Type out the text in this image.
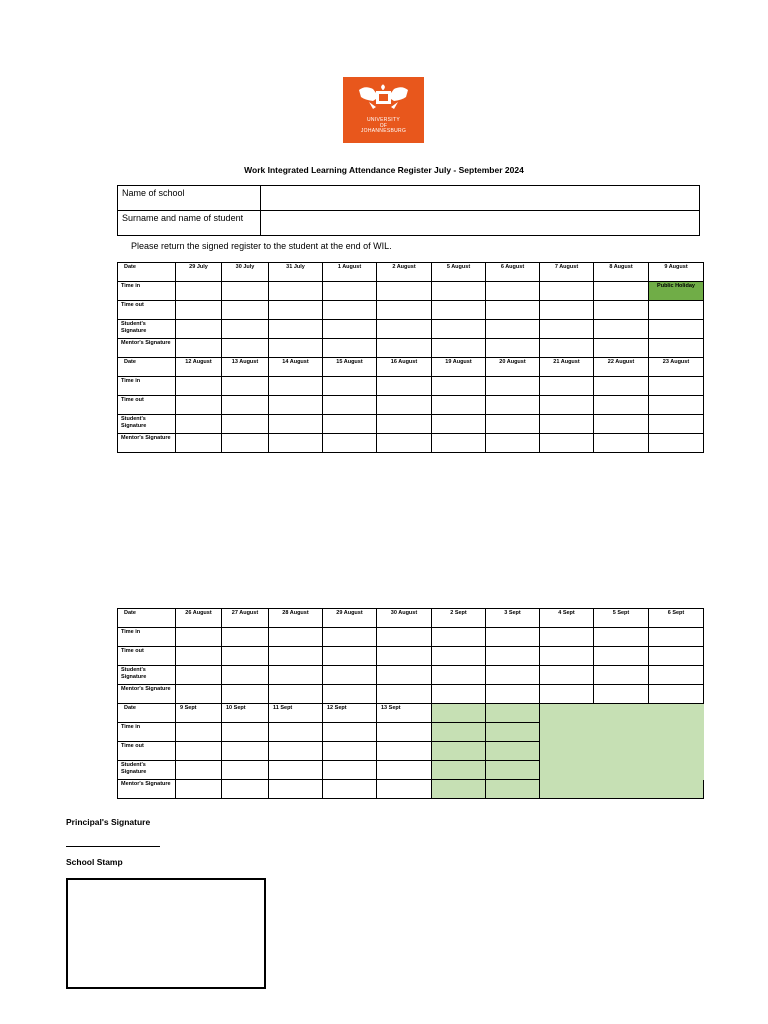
UNIVERSITY
OF
JOHANNESBURG
Work Integrated Learning Attendance Register July - September 2024
Name of school	
Surname and name of student	
Please return the signed register to the student at the end of WIL.
Date	29 July	30 July	31 July	1 August	2 August	5 August	6 August	7 August	8 August	9 August
Time in										Public Holiday
Time out										
Student's Signature										
Mentor's Signature										
Date	12 August	13 August	14 August	15 August	16 August	19 August	20 August	21 August	22 August	23 August
Time in										
Time out										
Student's Signature										
Mentor's Signature										
Date	26 August	27 August	28 August	29 August	30 August	2 Sept	3 Sept	4 Sept	5 Sept	6 Sept
Time in										
Time out										
Student's Signature										
Mentor's Signature										
Date	9 Sept	10 Sept	11 Sept	12 Sept	13 Sept					
Time in										
Time out										
Student's Signature										
Mentor's Signature										
Principal's Signature
School Stamp
